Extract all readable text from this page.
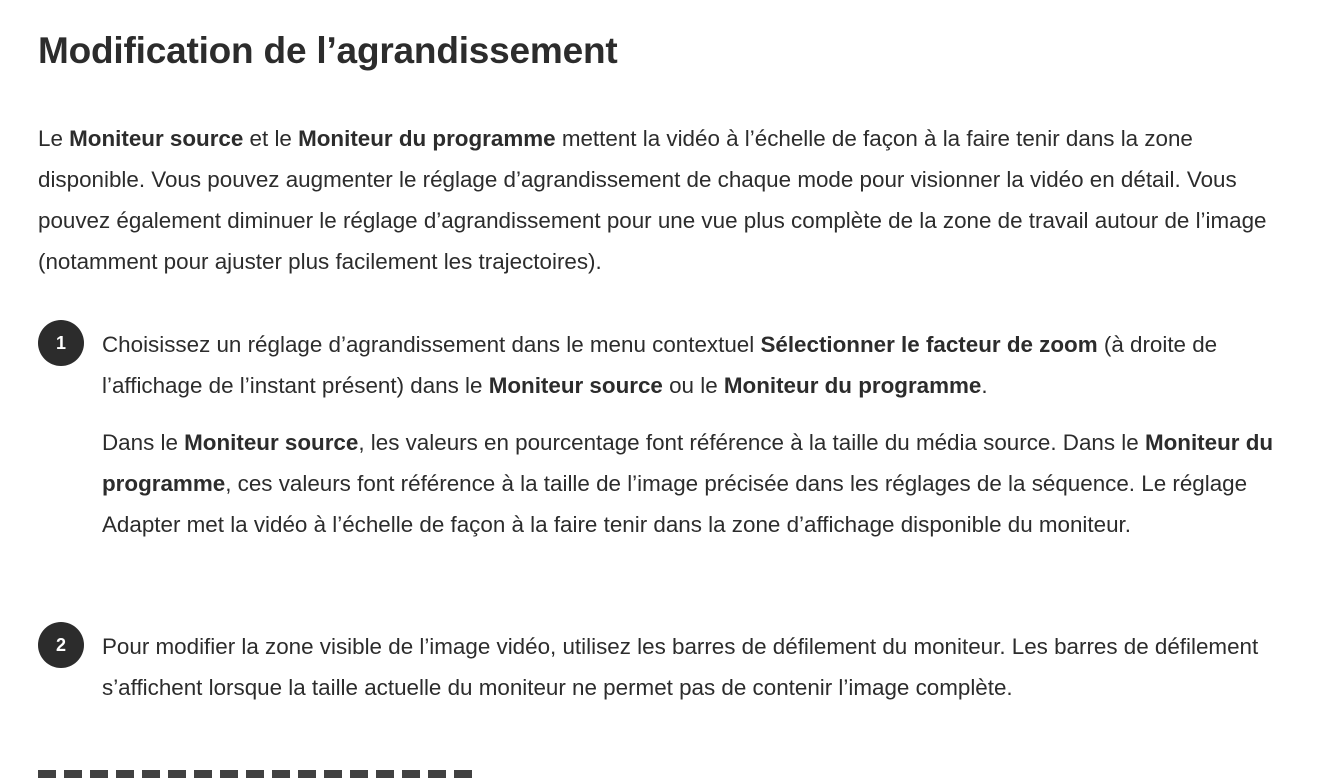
Modification de l’agrandissement

Le Moniteur source et le Moniteur du programme mettent la vidéo à l’échelle de façon à la faire tenir dans la zone disponible. Vous pouvez augmenter le réglage d’agrandissement de chaque mode pour visionner la vidéo en détail. Vous pouvez également diminuer le réglage d’agrandissement pour une vue plus complète de la zone de travail autour de l’image (notamment pour ajuster plus facilement les trajectoires).

1	Choisissez un réglage d’agrandissement dans le menu contextuel Sélectionner le facteur de zoom (à droite de l’affichage de l’instant présent) dans le Moniteur source ou le Moniteur du programme.

Dans le Moniteur source, les valeurs en pourcentage font référence à la taille du média source. Dans le Moniteur du programme, ces valeurs font référence à la taille de l’image précisée dans les réglages de la séquence. Le réglage Adapter met la vidéo à l’échelle de façon à la faire tenir dans la zone d’affichage disponible du moniteur.

2	Pour modifier la zone visible de l’image vidéo, utilisez les barres de défilement du moniteur. Les barres de défilement s’affichent lorsque la taille actuelle du moniteur ne permet pas de contenir l’image complète.
